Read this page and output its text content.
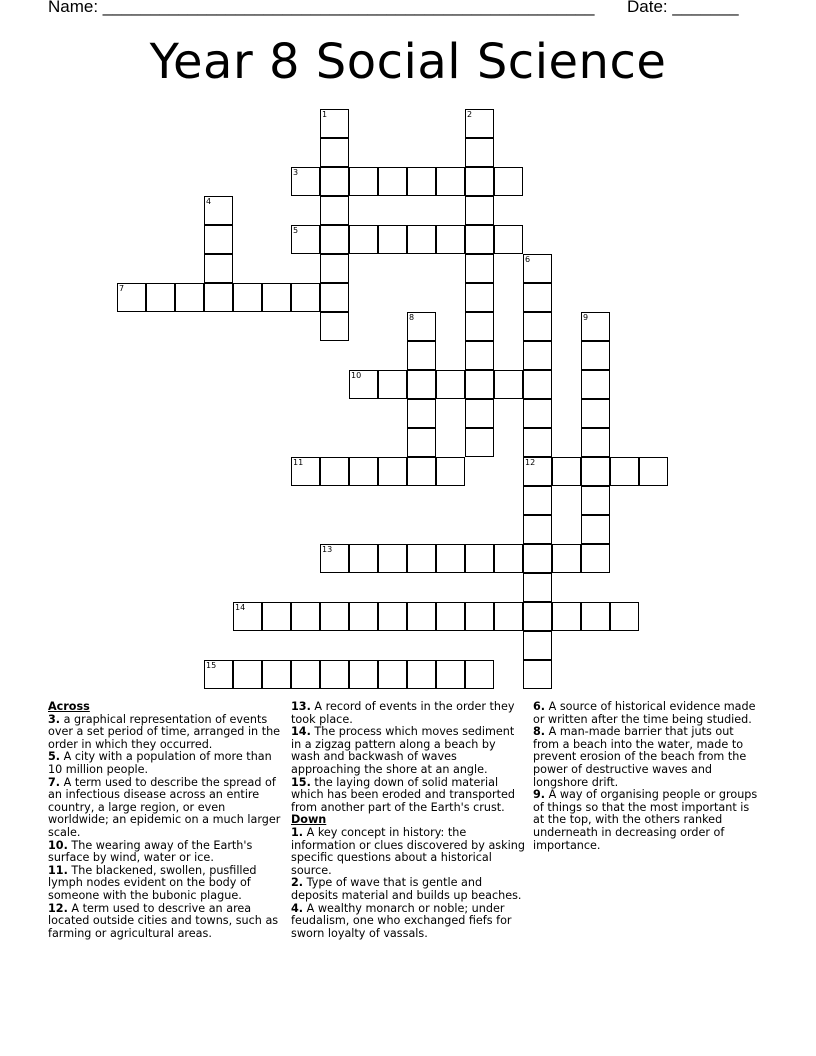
Name: ____________________________________________________ Date: _______
Year 8 Social Science
1	2
3
4
5
6
7
8	9
10
11	12
13
14
15
Across
3. a graphical representation of events over a set period of time, arranged in the order in which they occurred.
5. A city with a population of more than 10 million people.
7. A term used to describe the spread of an infectious disease across an entire country, a large region, or even worldwide; an epidemic on a much larger scale.
10. The wearing away of the Earth's surface by wind, water or ice.
11. The blackened, swollen, pusfilled lymph nodes evident on the body of someone with the bubonic plague.
12. A term used to descrive an area located outside cities and towns, such as farming or agricultural areas.
13. A record of events in the order they took place.
14. The process which moves sediment in a zigzag pattern along a beach by wash and backwash of waves approaching the shore at an angle.
15. the laying down of solid material which has been eroded and transported from another part of the Earth's crust.
Down
1. A key concept in history: the information or clues discovered by asking specific questions about a historical source.
2. Type of wave that is gentle and deposits material and builds up beaches.
4. A wealthy monarch or noble; under feudalism, one who exchanged fiefs for sworn loyalty of vassals.
6. A source of historical evidence made or written after the time being studied.
8. A man-made barrier that juts out from a beach into the water, made to prevent erosion of the beach from the power of destructive waves and longshore drift.
9. A way of organising people or groups of things so that the most important is at the top, with the others ranked underneath in decreasing order of importance.
